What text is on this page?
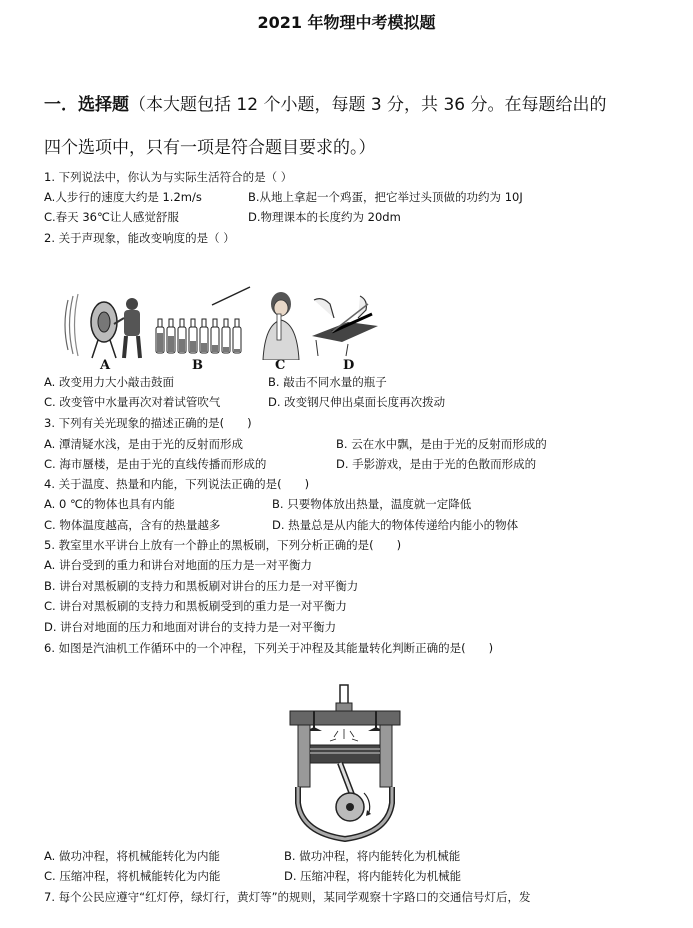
2021 年物理中考模拟题
一．选择题（本大题包括 12 个小题，每题 3 分，共 36 分。在每题给出的
四个选项中，只有一项是符合题目要求的。）
1. 下列说法中，你认为与实际生活符合的是（ ）
A.人步行的速度大约是 1.2m/s	B.从地上拿起一个鸡蛋，把它举过头顶做的功约为 10J
C.春天 36℃让人感觉舒服	D.物理课本的长度约为 20dm
2. 关于声现象，能改变响度的是（ ）
A	B	C	D
A. 改变用力大小敲击鼓面	B. 敲击不同水量的瓶子
C. 改变管中水量再次对着试管吹气	D. 改变钢尺伸出桌面长度再次拨动
3. 下列有关光现象的描述正确的是(　　)
A. 潭清疑水浅，是由于光的反射而形成	B. 云在水中飘，是由于光的反射而形成的
C. 海市蜃楼，是由于光的直线传播而形成的	D. 手影游戏，是由于光的色散而形成的
4. 关于温度、热量和内能，下列说法正确的是(　　)
A. 0 ℃的物体也具有内能	B. 只要物体放出热量，温度就一定降低
C. 物体温度越高，含有的热量越多	D. 热量总是从内能大的物体传递给内能小的物体
5. 教室里水平讲台上放有一个静止的黑板刷，下列分析正确的是(　　)
A. 讲台受到的重力和讲台对地面的压力是一对平衡力
B. 讲台对黑板刷的支持力和黑板刷对讲台的压力是一对平衡力
C. 讲台对黑板刷的支持力和黑板刷受到的重力是一对平衡力
D. 讲台对地面的压力和地面对讲台的支持力是一对平衡力
6. 如图是汽油机工作循环中的一个冲程，下列关于冲程及其能量转化判断正确的是(　　)
A. 做功冲程，将机械能转化为内能	B. 做功冲程，将内能转化为机械能
C. 压缩冲程，将机械能转化为内能	D. 压缩冲程，将内能转化为机械能
7. 每个公民应遵守“红灯停，绿灯行，黄灯等”的规则，某同学观察十字路口的交通信号灯后，发
